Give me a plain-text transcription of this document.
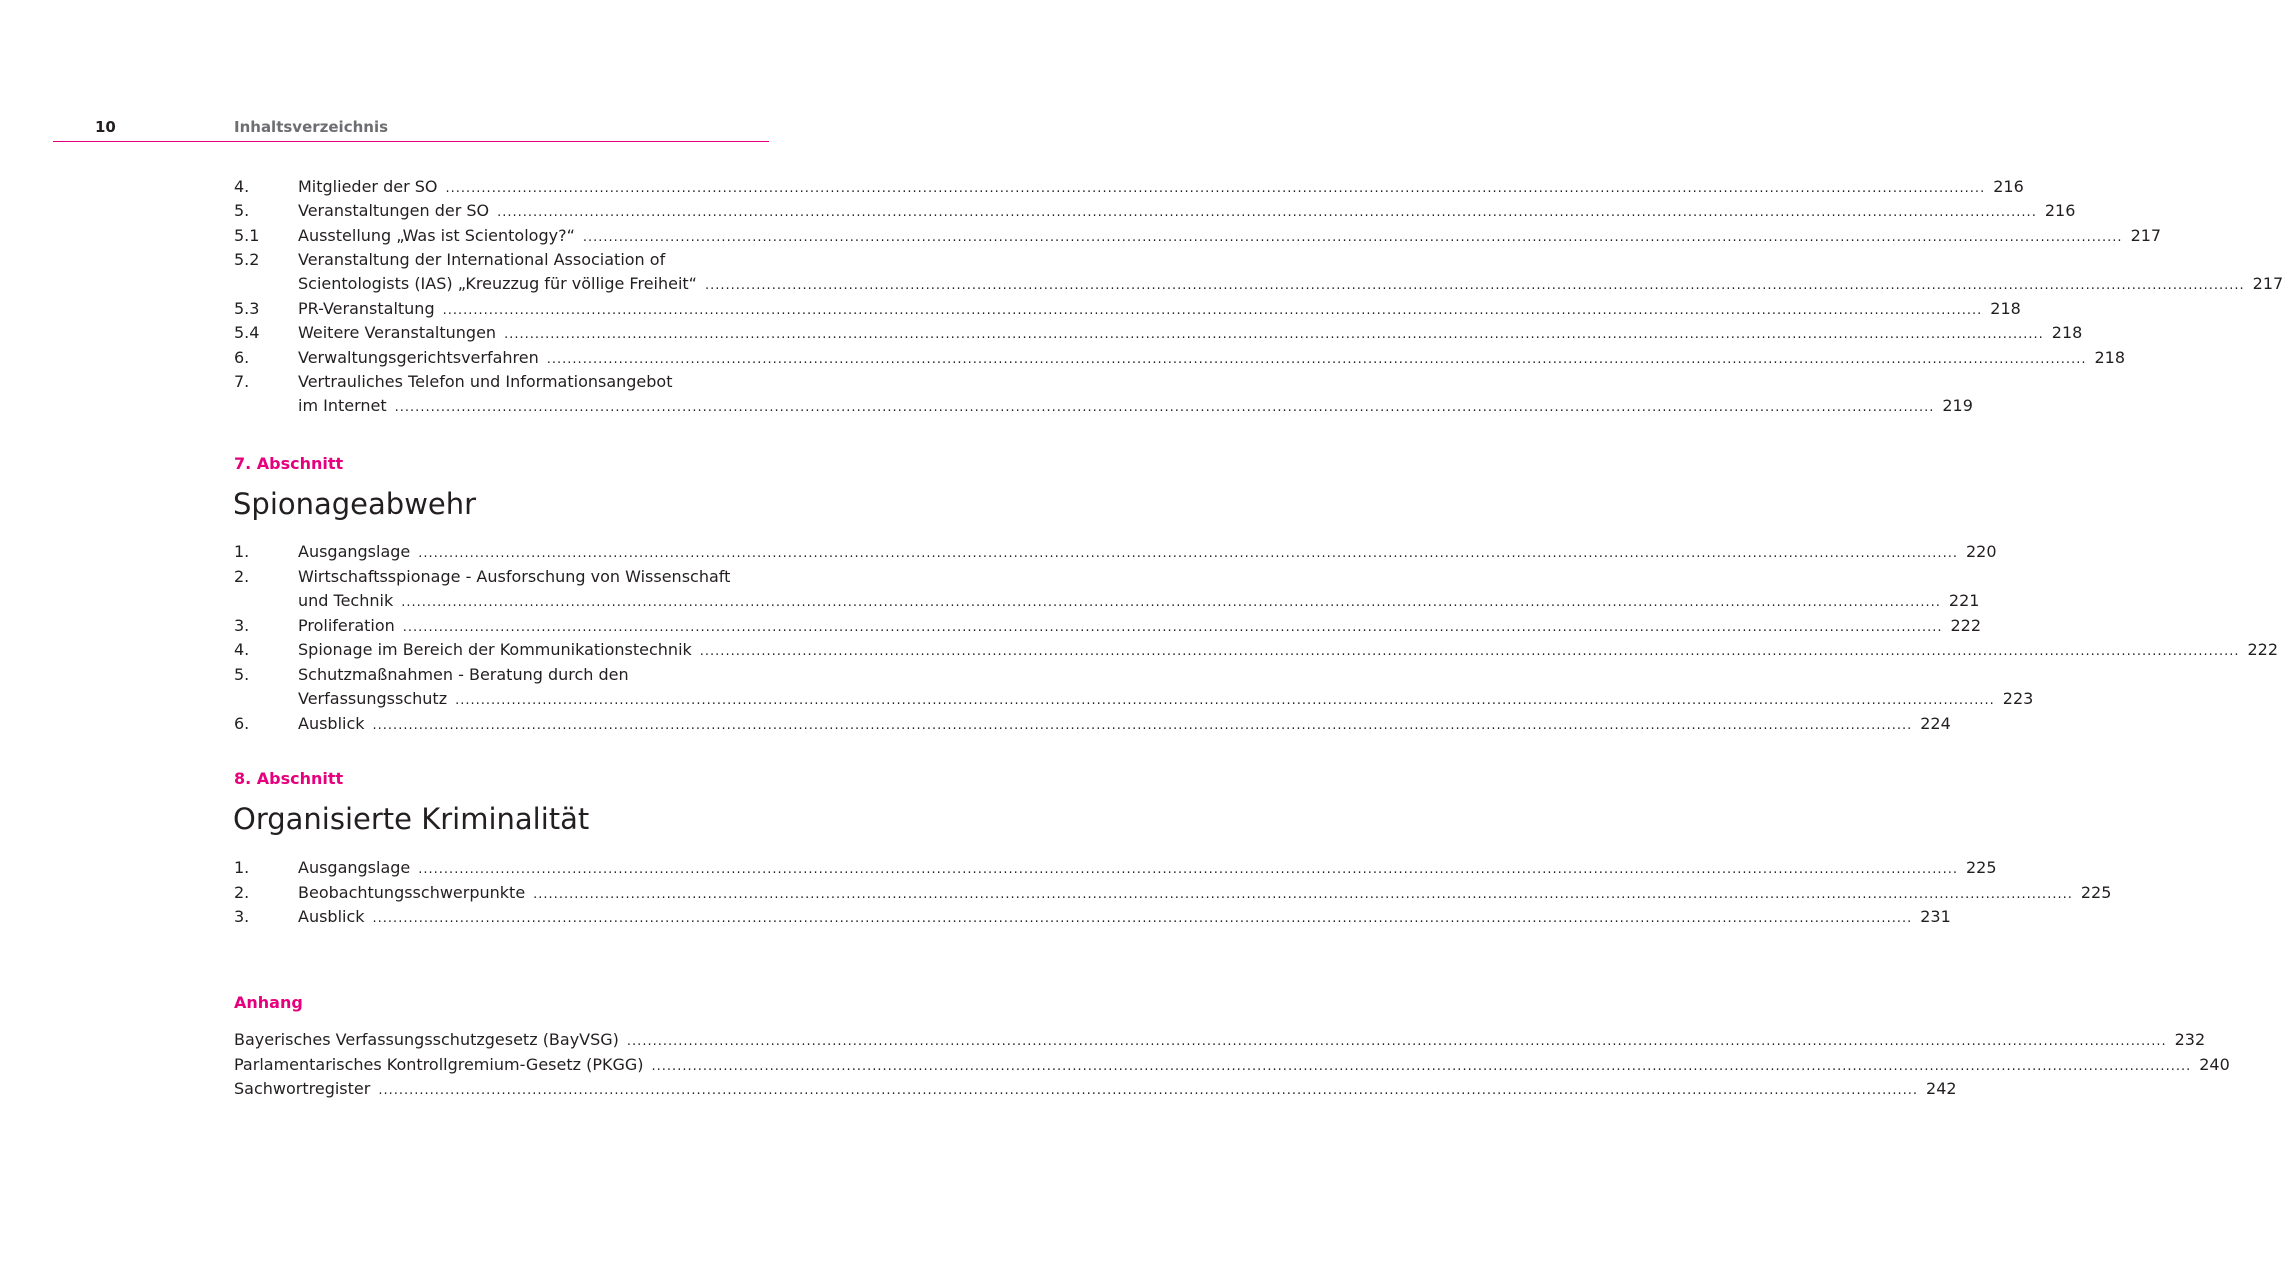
10	Inhaltsverzeichnis
7. Abschnitt
Spionageabwehr
8. Abschnitt
Organisierte Kriminalität
Anhang
4.	Mitglieder der SO ............................................................................................................................................................................................................................................................................................................ 216
5.	Veranstaltungen der SO ............................................................................................................................................................................................................................................................................................................ 216
5.1 Ausstellung „Was ist Scientology?“ ............................................................................................................................................................................................................................................................................................................ 217
5.2 Veranstaltung der International Association of
Scientologists (IAS) „Kreuzzug für völlige Freiheit“ ............................................................................................................................................................................................................................................................................................................ 217
5.3 PR-Veranstaltung ............................................................................................................................................................................................................................................................................................................ 218
5.4 Weitere Veranstaltungen ............................................................................................................................................................................................................................................................................................................ 218
6.	Verwaltungsgerichtsverfahren ............................................................................................................................................................................................................................................................................................................ 218
7.	Vertrauliches Telefon und Informationsangebot
im Internet ............................................................................................................................................................................................................................................................................................................ 219
1.	Ausgangslage ............................................................................................................................................................................................................................................................................................................ 220
2.	Wirtschaftsspionage - Ausforschung von Wissenschaft
und Technik ............................................................................................................................................................................................................................................................................................................ 221
3.	Proliferation ............................................................................................................................................................................................................................................................................................................ 222
4.	Spionage im Bereich der Kommunikationstechnik ............................................................................................................................................................................................................................................................................................................ 222
5.	Schutzmaßnahmen - Beratung durch den
Verfassungsschutz ............................................................................................................................................................................................................................................................................................................ 223
6.	Ausblick ............................................................................................................................................................................................................................................................................................................ 224
1.	Ausgangslage ............................................................................................................................................................................................................................................................................................................ 225
2.	Beobachtungsschwerpunkte ............................................................................................................................................................................................................................................................................................................ 225
3.	Ausblick ............................................................................................................................................................................................................................................................................................................ 231
Bayerisches Verfassungsschutzgesetz (BayVSG) ............................................................................................................................................................................................................................................................................................................ 232
Parlamentarisches Kontrollgremium-Gesetz (PKGG) ............................................................................................................................................................................................................................................................................................................ 240
Sachwortregister ............................................................................................................................................................................................................................................................................................................ 242
